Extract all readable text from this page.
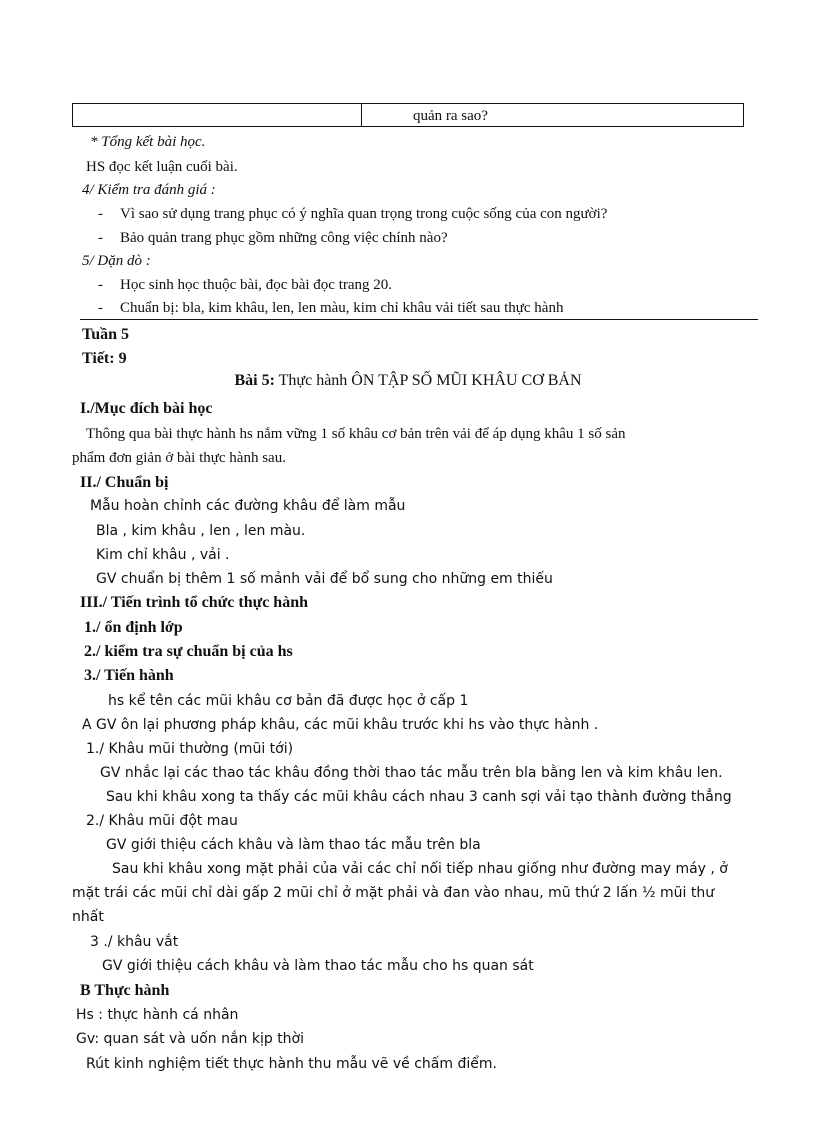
quản ra sao?
* Tổng kết bài học.
HS đọc kết luận cuối bài.
4/ Kiểm tra đánh giá :
- Vì sao sử dụng trang phục có ý nghĩa quan trọng trong cuộc sống của con người?
- Bảo quản trang phục gồm những công việc chính nào?
5/ Dặn dò :
- Học sinh học thuộc bài, đọc bài đọc trang 20.
- Chuẩn bị: bla, kim khâu, len, len màu, kim chỉ khâu vải tiết sau thực hành
Tuần 5
Tiết: 9
Bài 5: Thực hành ÔN TẬP SỐ MŨI KHÂU CƠ BẢN
I./Mục đích bài học
Thông qua bài thực hành hs nắm vững 1 số khâu cơ bản trên vải để áp dụng khâu 1 số sản
phẩm đơn giản ở bài thực hành sau.
II./ Chuẩn bị
Mẫu hoàn chỉnh các đường khâu để làm mẫu
Bla , kim khâu , len , len màu.
Kim chỉ khâu , vải .
GV chuẩn bị thêm 1 số mảnh vải để bổ sung cho những em thiếu
III./ Tiến trình tổ chức thực hành
1./ ổn định lớp
2./ kiểm tra sự chuẩn bị của hs
3./ Tiến hành
hs kể tên các mũi khâu cơ bản đã được học ở cấp 1
A GV ôn lại phương pháp khâu, các mũi khâu trước khi hs vào thực hành .
1./ Khâu mũi thường (mũi tới)
GV nhắc lại các thao tác khâu đồng thời thao tác mẫu trên bla bằng len và kim khâu len.
Sau khi khâu xong ta thấy các mũi khâu cách nhau 3 canh sợi vải tạo thành đường thẳng
2./ Khâu mũi đột mau
GV giới thiệu cách khâu và làm thao tác mẫu trên bla
Sau khi khâu xong mặt phải của vải các chỉ nối tiếp nhau giống như đường may máy , ở
mặt trái các mũi chỉ dài gấp 2 mũi chỉ ở mặt phải và đan vào nhau, mũ thứ 2 lấn ½ mũi thư
nhất
3 ./ khâu vắt
GV giới thiệu cách khâu và làm thao tác mẫu cho hs quan sát
B Thực hành
Hs : thực hành cá nhân
Gv: quan sát và uốn nắn kịp thời
Rút kinh nghiệm tiết thực hành thu mẫu vẽ về chấm điểm.
